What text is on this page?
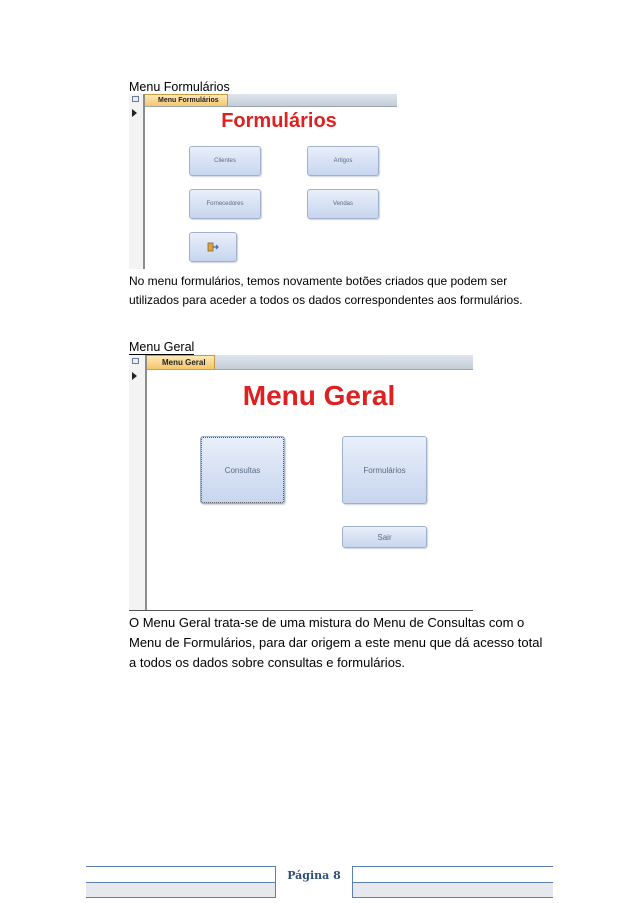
Menu Formulários
Menu Formulários
Formulários
Clientes	Artigos
Fornecedores	Vendas
No menu formulários, temos novamente botões criados que podem ser
utilizados para aceder a todos os dados correspondentes aos formulários.
Menu Geral
Menu Geral
Menu Geral
Consultas	Formulários
Sair
O Menu Geral trata-se de uma mistura do Menu de Consultas com o
Menu de Formulários, para dar origem a este menu que dá acesso total
a todos os dados sobre consultas e formulários.
Página 8
